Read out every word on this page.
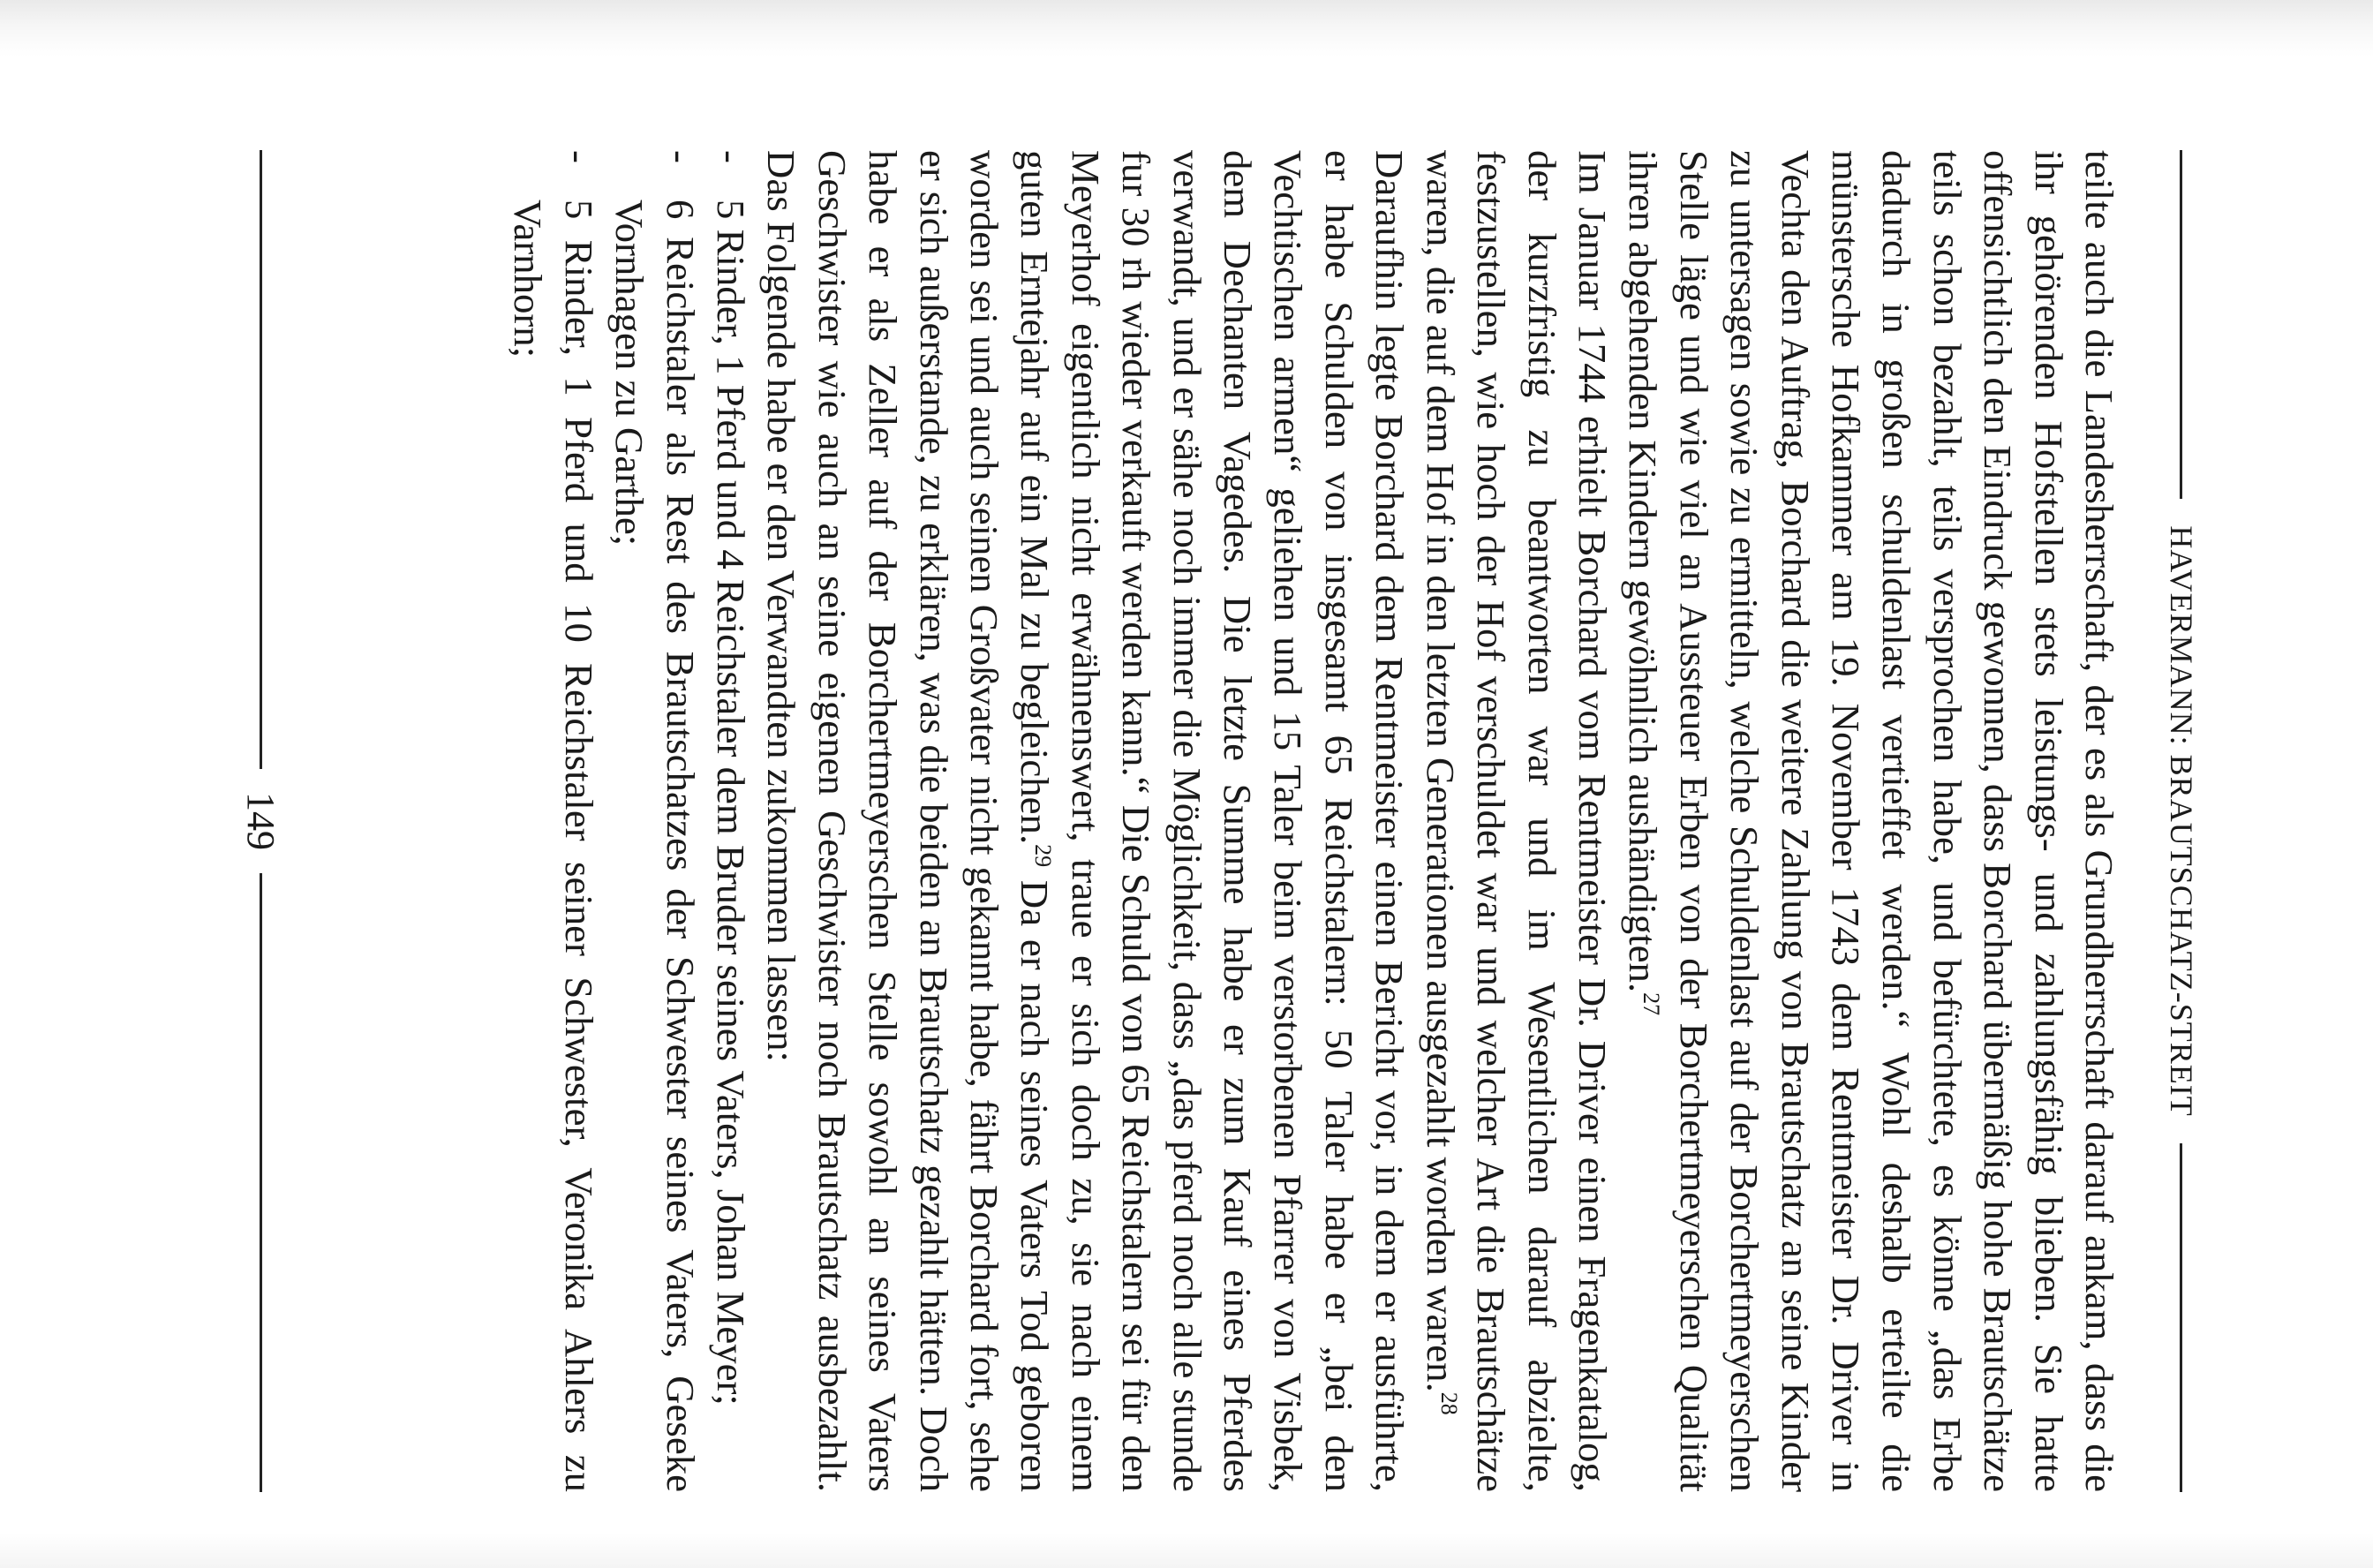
HAVERMANN: BRAUTSCHATZ-STREIT

teilte auch die Landesherrschaft, der es als Grundherrschaft darauf ankam, dass die ihr gehörenden Hofstellen stets leistungs- und zahlungsfähig blieben. Sie hatte offensichtlich den Eindruck gewonnen, dass Borchard übermäßig hohe Brautschätze teils schon bezahlt, teils versprochen habe, und befürchtete, es könne „das Erbe dadurch in großen schuldenlast vertieffet werden.“ Wohl deshalb erteilte die münstersche Hofkammer am 19. November 1743 dem Rentmeister Dr. Driver in Vechta den Auftrag, Borchard die weitere Zahlung von Brautschatz an seine Kinder zu untersagen sowie zu ermitteln, welche Schuldenlast auf der Borchertmeyerschen Stelle läge und wie viel an Aussteuer Erben von der Borchertmeyerschen Qualität ihren abgehenden Kindern gewöhnlich aushändigten.$^{27}$

Im Januar 1744 erhielt Borchard vom Rentmeister Dr. Driver einen Fragenkatalog, der kurzfristig zu beantworten war und im Wesentlichen darauf abzielte, festzustellen, wie hoch der Hof verschuldet war und welcher Art die Brautschätze waren, die auf dem Hof in den letzten Generationen ausgezahlt worden waren.$^{28}$

Daraufhin legte Borchard dem Rentmeister einen Bericht vor, in dem er ausführte, er habe Schulden von insgesamt 65 Reichstalern: 50 Taler habe er „bei den Vechtischen armen“ geliehen und 15 Taler beim verstorbenen Pfarrer von Visbek, dem Dechanten Vagedes. Die letzte Summe habe er zum Kauf eines Pferdes verwandt, und er sähe noch immer die Möglichkeit, dass „das pferd noch alle stunde fur 30 rh wieder verkauft werden kann.“ Die Schuld von 65 Reichstalern sei für den Meyerhof eigentlich nicht erwähnenswert, traue er sich doch zu, sie nach einem guten Erntejahr auf ein Mal zu begleichen.$^{29}$ Da er nach seines Vaters Tod geboren worden sei und auch seinen Großvater nicht gekannt habe, fährt Borchard fort, sehe er sich außerstande, zu erklären, was die beiden an Brautschatz gezahlt hätten. Doch habe er als Zeller auf der Borchertmeyerschen Stelle sowohl an seines Vaters Geschwister wie auch an seine eigenen Geschwister noch Brautschatz ausbezahlt. Das Folgende habe er den Verwandten zukommen lassen:

-
5 Rinder, 1 Pferd und 4 Reichstaler dem Bruder seines Vaters, Johan Meyer;
-
6 Reichstaler als Rest des Brautschatzes der Schwester seines Vaters, Geseke Vornhagen zu Garthe;
-
5 Rinder, 1 Pferd und 10 Reichstaler seiner Schwester, Veronika Ahlers zu Varnhorn;
149
